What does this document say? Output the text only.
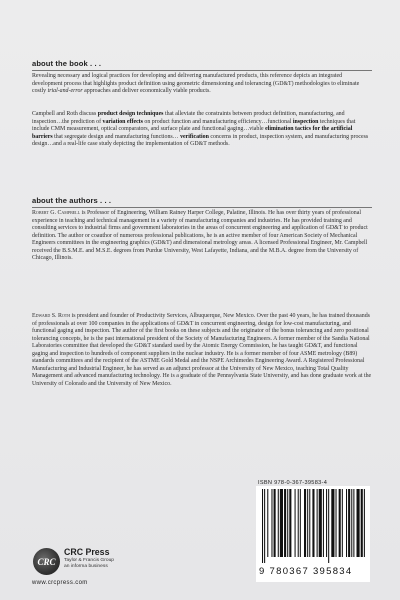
about the book . . .

Revealing necessary and logical practices for developing and delivering manufactured products, this reference depicts an integrated development process that highlights product definition using geometric dimensioning and tolerancing (GD&T) methodologies to eliminate costly trial-and-error approaches and deliver economically viable products.

Campbell and Roth discuss product design techniques that alleviate the constraints between product definition, manufacturing, and inspection…the prediction of variation effects on product function and manufacturing efficiency…functional inspection techniques that include CMM measurement, optical comparators, and surface plate and functional gaging…viable elimination tactics for the artificial barriers that segregate design and manufacturing functions… verification concerns in product, inspection system, and manufacturing process design…and a real-life case study depicting the implementation of GD&T methods.

about the authors . . .

Robert G. Campbell is Professor of Engineering, William Rainey Harper College, Palatine, Illinois. He has over thirty years of professional experience in teaching and technical management in a variety of manufacturing companies and industries. He has provided training and consulting services to industrial firms and government laboratories in the areas of concurrent engineering and application of GD&T to product definition. The author or coauthor of numerous professional publications, he is an active member of four American Society of Mechanical Engineers committees in the engineering graphics (GD&T) and dimensional metrology areas. A licensed Professional Engineer, Mr. Campbell received the B.S.M.E. and M.S.E. degrees from Purdue University, West Lafayette, Indiana, and the M.B.A. degree from the University of Chicago, Illinois.

Edward S. Roth is president and founder of Productivity Services, Albuquerque, New Mexico. Over the past 40 years, he has trained thousands of professionals at over 100 companies in the applications of GD&T in concurrent engineering, design for low-cost manufacturing, and functional gaging and inspection. The author of the first books on these subjects and the originator of the bonus tolerancing and zero positional tolerancing concepts, he is the past international president of the Society of Manufacturing Engineers. A former member of the Sandia National Laboratories committee that developed the GD&T standard used by the Atomic Energy Commission, he has taught GD&T, and functional gaging and inspection to hundreds of component suppliers in the nuclear industry. He is a former member of four ASME metrology (B89) standards committees and the recipient of the ASTME Gold Medal and the NSPE Archimedes Engineering Award. A Registered Professional Manufacturing and Industrial Engineer, he has served as an adjunct professor at the University of New Mexico, teaching Total Quality Management and advanced manufacturing technology. He is a graduate of the Pennsylvania State University, and has done graduate work at the University of Colorado and the University of New Mexico.

CRC
CRC Press
Taylor & Francis Group
an informa business
www.crcpress.com
ISBN 978-0-367-39583-4
9 780367 395834
